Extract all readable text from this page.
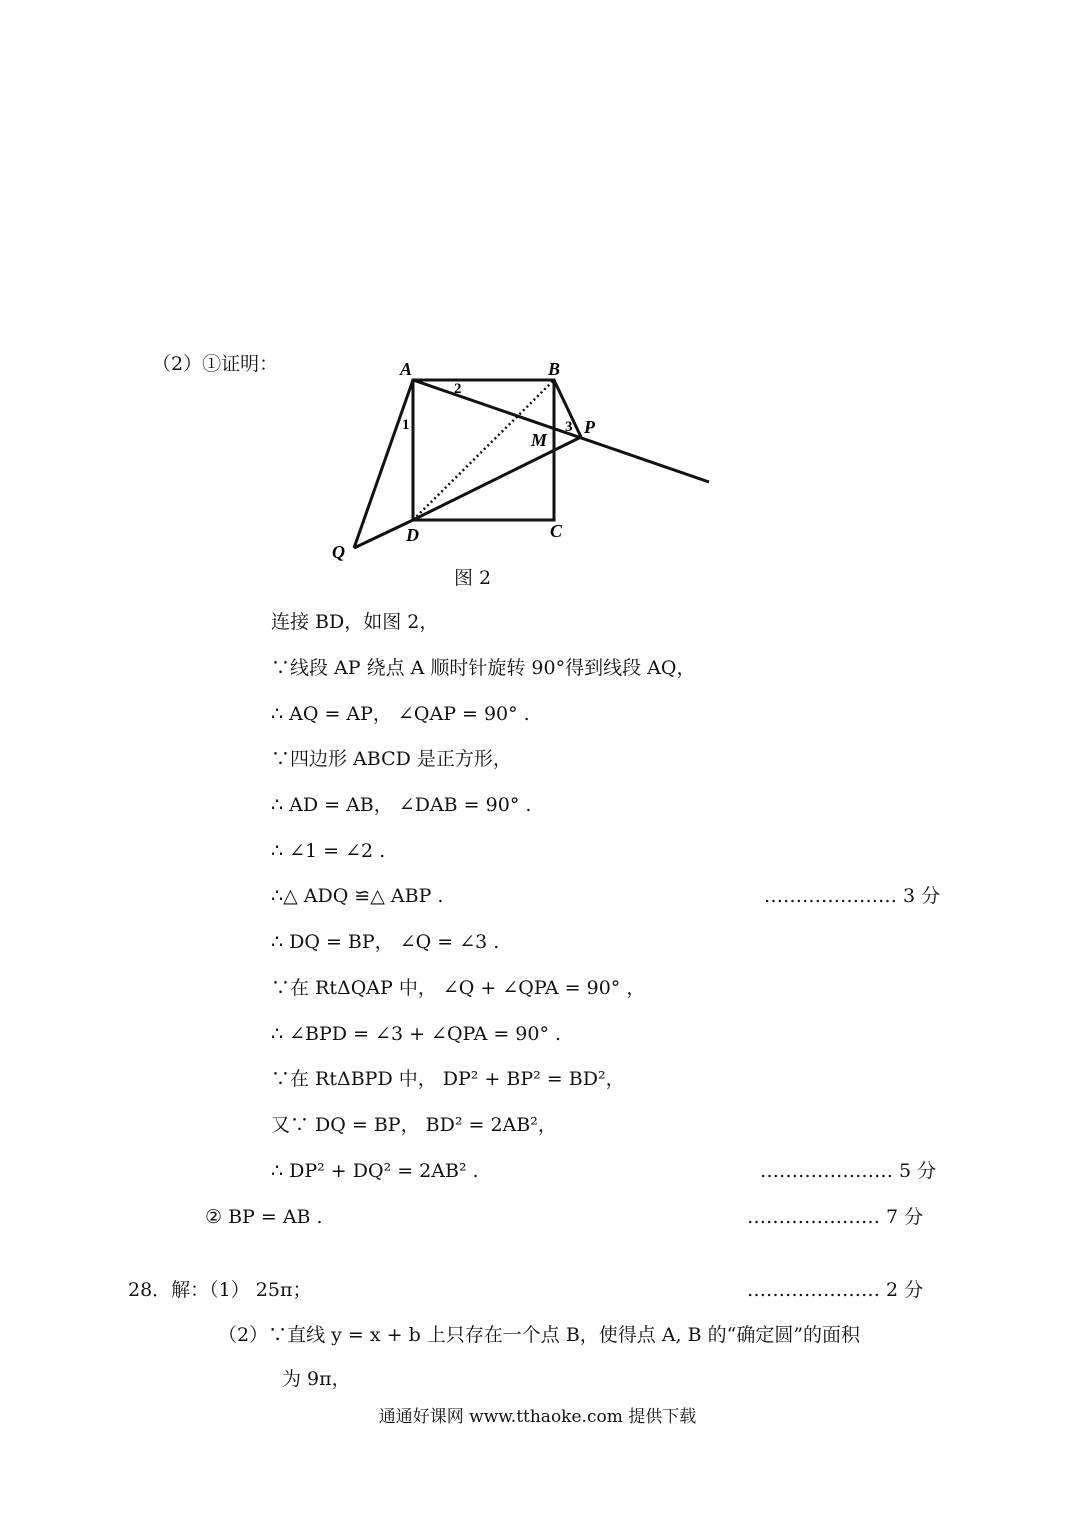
（2）①证明：	A	B
C
D
P
Q
M
1
2
3
图 2
连接 BD，如图 2，
∵线段 AP 绕点 A 顺时针旋转 90°得到线段 AQ，
∴ AQ = AP， ∠QAP = 90° .
∵四边形 ABCD 是正方形，
∴ AD = AB， ∠DAB = 90° .
∴ ∠1 = ∠2 .
∴△ ADQ ≌△ ABP .
∴ DQ = BP， ∠Q = ∠3 .
∵在 RtΔQAP 中， ∠Q + ∠QPA = 90° ，
∴ ∠BPD = ∠3 + ∠QPA = 90° .
∵在 RtΔBPD 中， DP² + BP² = BD²，
又∵ DQ = BP， BD² = 2AB²，
∴ DP² + DQ² = 2AB² .
② BP = AB .
………………… 3 分
………………… 5 分
………………… 7 分
………………… 2 分
28．解：（1） 25π；
（2）∵直线 y = x + b 上只存在一个点 B，使得点 A, B 的“确定圆”的面积
为 9π，
通通好课网 www.tthaoke.com 提供下载
